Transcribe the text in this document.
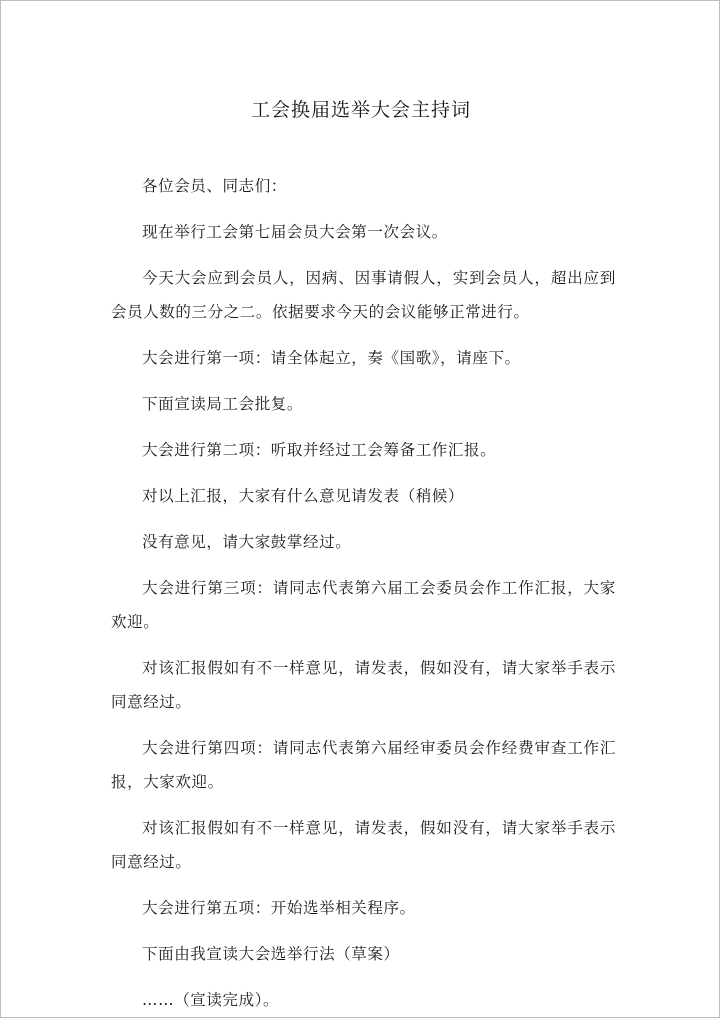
工会换届选举大会主持词

各位会员、同志们：

现在举行工会第七届会员大会第一次会议。

今天大会应到会员人，因病、因事请假人，实到会员人，超出应到会员人数的三分之二。依据要求今天的会议能够正常进行。

大会进行第一项：请全体起立，奏《国歌》，请座下。

下面宣读局工会批复。

大会进行第二项：听取并经过工会筹备工作汇报。

对以上汇报，大家有什么意见请发表（稍候）

没有意见，请大家鼓掌经过。

大会进行第三项：请同志代表第六届工会委员会作工作汇报，大家欢迎。

对该汇报假如有不一样意见，请发表，假如没有，请大家举手表示同意经过。

大会进行第四项：请同志代表第六届经审委员会作经费审查工作汇报，大家欢迎。

对该汇报假如有不一样意见，请发表，假如没有，请大家举手表示同意经过。

大会进行第五项：开始选举相关程序。

下面由我宣读大会选举行法（草案）

……（宣读完成）。
